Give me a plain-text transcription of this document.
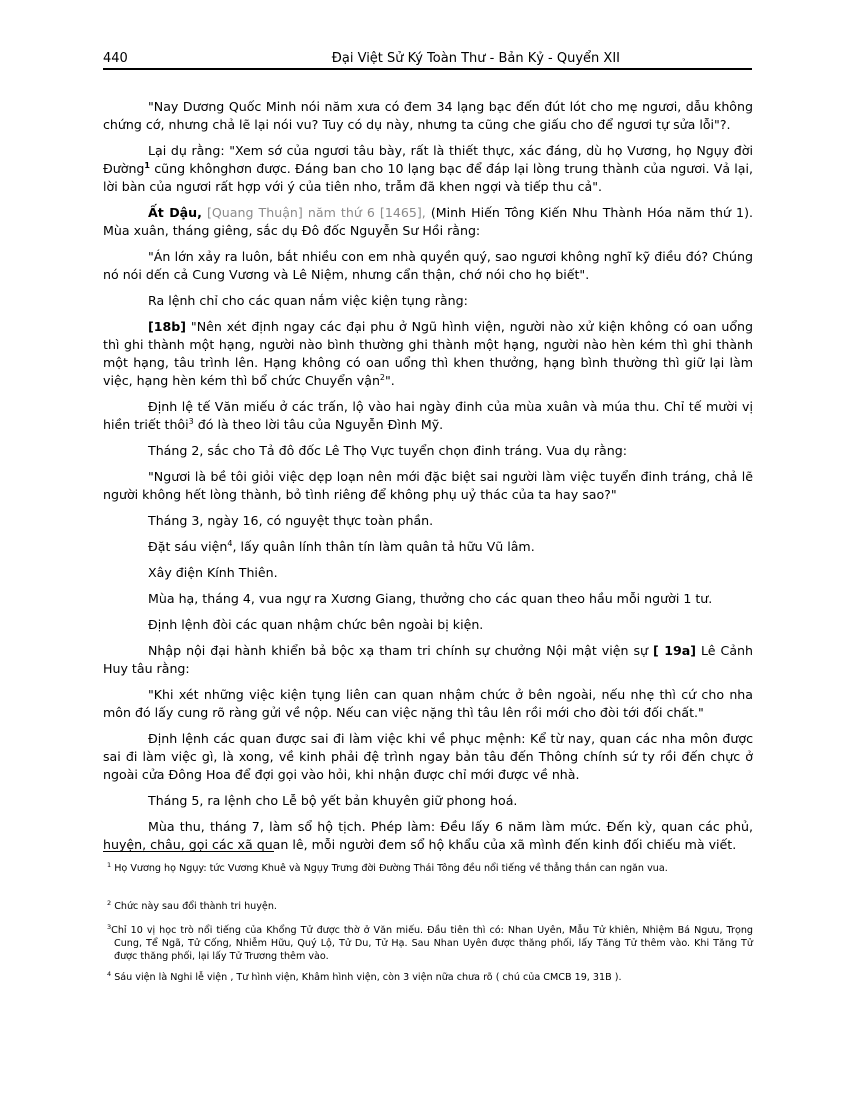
440	Đại Việt Sử Ký Toàn Thư - Bản Kỷ - Quyển XII

"Nay Dương Quốc Minh nói năm xưa có đem 34 lạng bạc đến đút lót cho mẹ ngươi, dẫu không chứng cớ, nhưng chả lẽ lại nói vu? Tuy có dụ này, nhưng ta cũng che giấu cho để ngươi tự sửa lỗi"?.

Lại dụ rằng: "Xem sớ của ngươi tâu bày, rất là thiết thực, xác đáng, dù họ Vương, họ Ngụy đời Đường$^1$ cũng khônghơn được. Đáng ban cho 10 lạng bạc để đáp lại lòng trung thành của ngươi. Vả lại, lời bàn của ngươi rất hợp với ý của tiên nho, trẫm đã khen ngợi và tiếp thu cả".

Ất Dậu, [Quang Thuận] năm thứ 6 [1465], (Minh Hiến Tông Kiến Nhu Thành Hóa năm thứ 1). Mùa xuân, tháng giêng, sắc dụ Đô đốc Nguyễn Sư Hồi rằng:

"Án lớn xảy ra luôn, bắt nhiều con em nhà quyền quý, sao ngươi không nghĩ kỹ điều đó? Chúng nó nói dến cả Cung Vương và Lê Niệm, nhưng cẩn thận, chớ nói cho họ biết".

Ra lệnh chỉ cho các quan nắm việc kiện tụng rằng:

[18b] "Nên xét định ngay các đại phu ở Ngũ hình viện, người nào xử kiện không có oan uổng thì ghi thành một hạng, người nào bình thường ghi thành một hạng, người nào hèn kém thì ghi thành một hạng, tâu trình lên. Hạng không có oan uổng thì khen thưởng, hạng bình thường thì giữ lại làm việc, hạng hèn kém thì bổ chức Chuyển vận$^2$".

Định lệ tế Văn miếu ở các trấn, lộ vào hai ngày đinh của mùa xuân và múa thu. Chỉ tế mười vị hiền triết thôi$^3$ đó là theo lời tâu của Nguyễn Đình Mỹ.

Tháng 2, sắc cho Tả đô đốc Lê Thọ Vực tuyển chọn đinh tráng. Vua dụ rằng:

"Ngươi là bề tôi giỏi việc dẹp loạn nên mới đặc biệt sai người làm việc tuyển đinh tráng, chả lẽ người không hết lòng thành, bỏ tình riêng để không phụ uỷ thác của ta hay sao?"

Tháng 3, ngày 16, có nguyệt thực toàn phần.

Đặt sáu viện$^4$, lấy quân lính thân tín làm quân tả hữu Vũ lâm.

Xây điện Kính Thiên.

Mùa hạ, tháng 4, vua ngự ra Xương Giang, thưởng cho các quan theo hầu mỗi người 1 tư.

Định lệnh đòi các quan nhậm chức bên ngoài bị kiện.

Nhập nội đại hành khiển bả bộc xạ tham tri chính sự chưởng Nội mật viện sự [ 19a] Lê Cảnh Huy tâu rằng:

"Khi xét những việc kiện tụng liên can quan nhậm chức ở bên ngoài, nếu nhẹ thì cứ cho nha môn đó lấy cung rõ ràng gửi về nộp. Nếu can việc nặng thì tâu lên rồi mới cho đòi tới đối chất."

Định lệnh các quan được sai đi làm việc khi về phục mệnh: Kể từ nay, quan các nha môn được sai đi làm việc gì, là xong, về kinh phải đệ trình ngay bản tâu đến Thông chính sứ ty rồi đến chực ở ngoài cửa Đông Hoa để đợi gọi vào hỏi, khi nhận được chỉ mới được về nhà.

Tháng 5, ra lệnh cho Lễ bộ yết bản khuyên giữ phong hoá.

Mùa thu, tháng 7, làm sổ hộ tịch. Phép làm: Đều lấy 6 năm làm mức. Đến kỳ, quan các phủ, huyện, châu, gọi các xã quan lê, mỗi người đem sổ hộ khẩu của xã mình đến kinh đối chiếu mà viết.

$^1$ Họ Vương họ Ngụy: tức Vương Khuê và Ngụy Trưng đời Đường Thái Tông đều nổi tiếng về thẳng thắn can ngăn vua.

$^2$ Chức này sau đổi thành tri huyện.

$^3$Chỉ 10 vị học trò nổi tiếng của Khổng Tử được thờ ở Văn miếu. Đầu tiên thì có: Nhan Uyên, Mẫu Tử khiên, Nhiệm Bá Ngưu, Trọng Cung, Tể Ngã, Tử Cống, Nhiễm Hữu, Quý Lộ, Tử Du, Tử Hạ. Sau Nhan Uyên được thăng phối, lấy Tăng Tử thêm vào. Khi Tăng Tử được thăng phối, lại lấy Tử Trương thêm vào.

$^4$ Sáu viện là Nghi lễ viện , Tư hình viện, Khâm hình viện, còn 3 viện nữa chưa rõ ( chú của CMCB 19, 31B ).
